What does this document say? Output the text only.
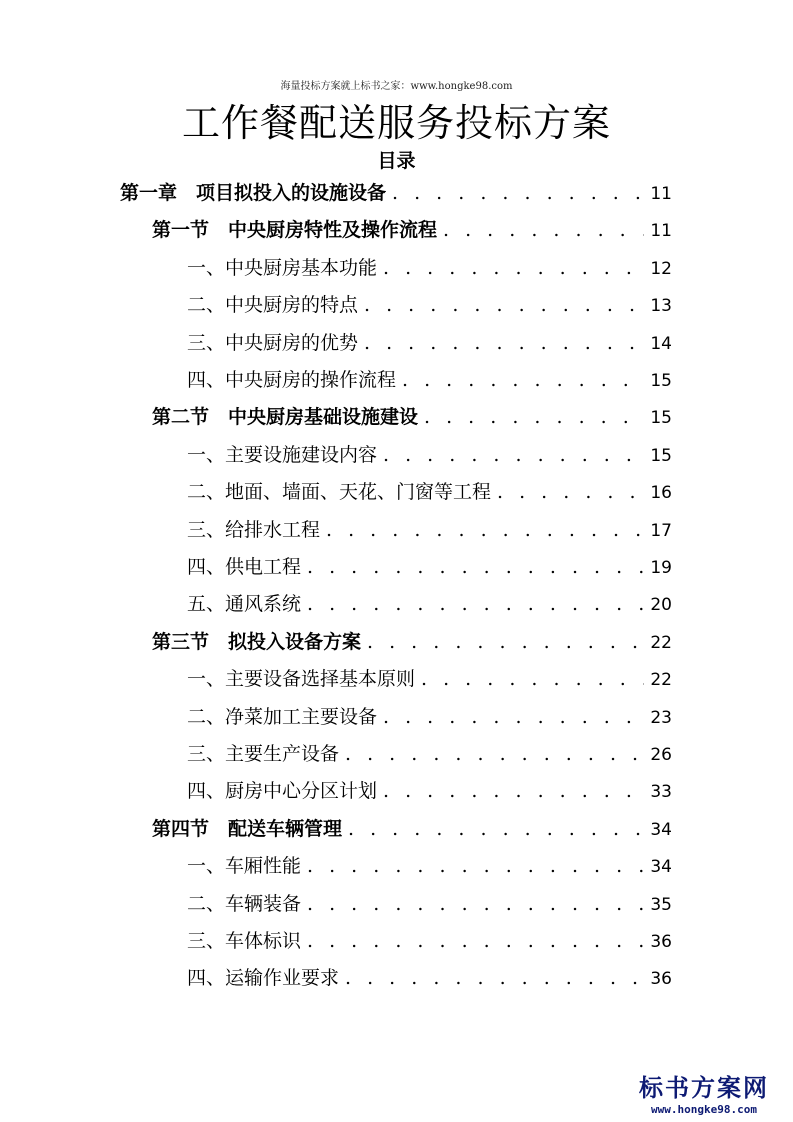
海量投标方案就上标书之家：www.hongke98.com
工作餐配送服务投标方案
目录
第一章　项目拟投入的设施设备 . . .	11
第一节　中央厨房特性及操作流程 . . .	11
一、中央厨房基本功能 . . .	12
二、中央厨房的特点 . . .	13
三、中央厨房的优势 . . .	14
四、中央厨房的操作流程 . . .	15
第二节　中央厨房基础设施建设 . . .	15
一、主要设施建设内容 . . .	15
二、地面、墙面、天花、门窗等工程 . . .	16
三、给排水工程 . . .	17
四、供电工程 . . .	19
五、通风系统 . . .	20
第三节　拟投入设备方案 . . .	22
一、主要设备选择基本原则 . . .	22
二、净菜加工主要设备 . . .	23
三、主要生产设备 . . .	26
四、厨房中心分区计划 . . .	33
第四节　配送车辆管理 . . .	34
一、车厢性能 . . .	34
二、车辆装备 . . .	35
三、车体标识 . . .	36
四、运输作业要求 . . .	36
标书方案网
www.hongke98.com
